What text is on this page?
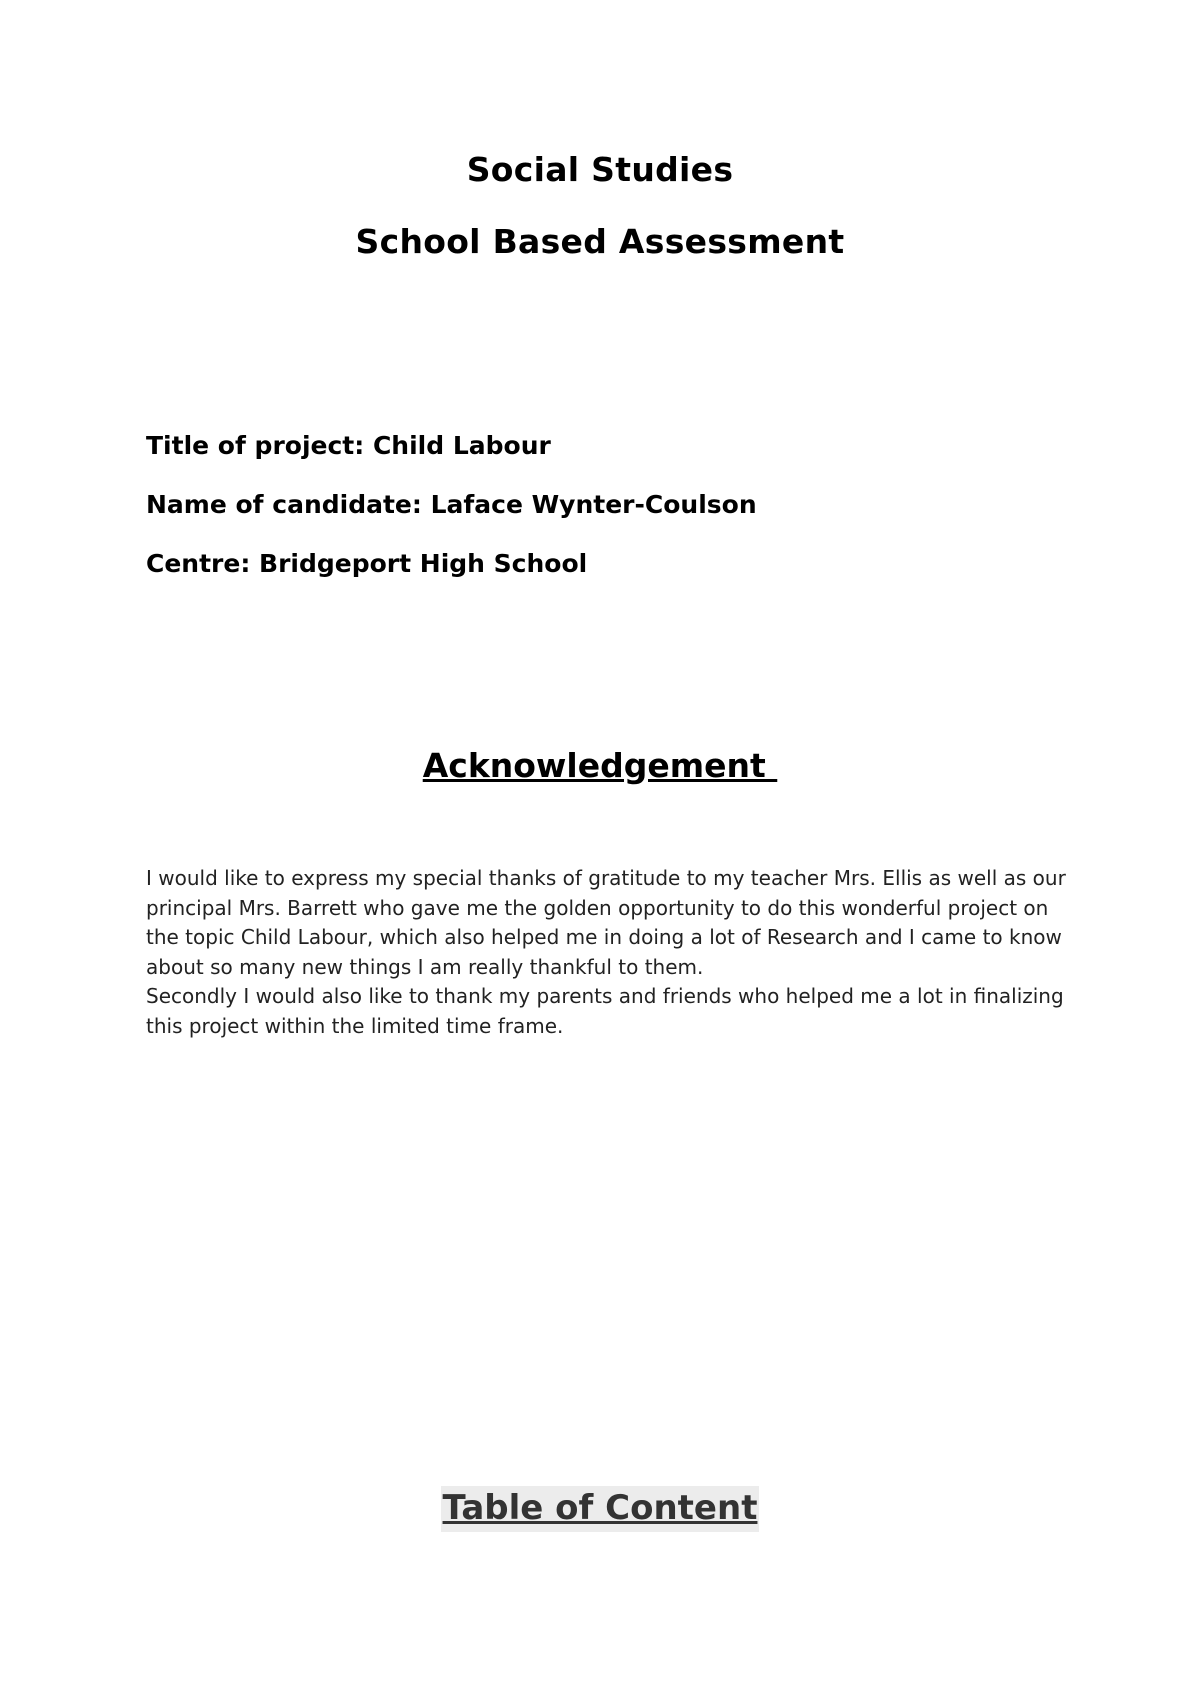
Social Studies
School Based Assessment
Title of project: Child Labour
Name of candidate: Laface Wynter-Coulson
Centre: Bridgeport High School
Acknowledgement

I would like to express my special thanks of gratitude to my teacher Mrs. Ellis as well as our principal Mrs. Barrett who gave me the golden opportunity to do this wonderful project on the topic Child Labour, which also helped me in doing a lot of Research and I came to know about so many new things I am really thankful to them.

Secondly I would also like to thank my parents and friends who helped me a lot in finalizing this project within the limited time frame.

Table of Content
